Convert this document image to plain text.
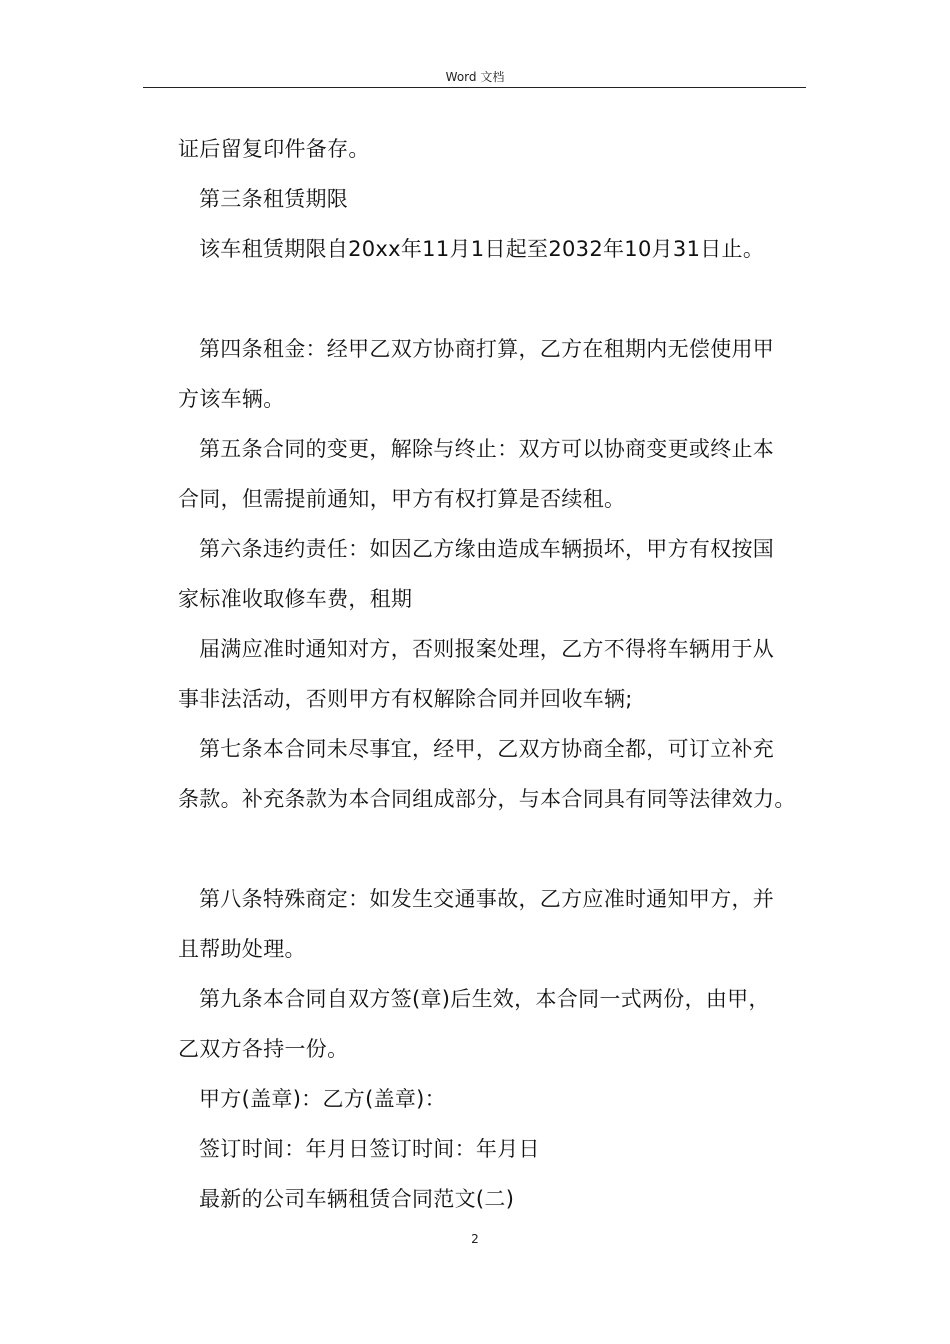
Word 文档
证后留复印件备存。
第三条租赁期限
该车租赁期限自20xx年11月1日起至2032年10月31日止。
第四条租金：经甲乙双方协商打算，乙方在租期内无偿使用甲
方该车辆。
第五条合同的变更，解除与终止：双方可以协商变更或终止本
合同，但需提前通知，甲方有权打算是否续租。
第六条违约责任：如因乙方缘由造成车辆损坏，甲方有权按国
家标准收取修车费，租期
届满应准时通知对方，否则报案处理，乙方不得将车辆用于从
事非法活动，否则甲方有权解除合同并回收车辆;
第七条本合同未尽事宜，经甲，乙双方协商全都，可订立补充
条款。补充条款为本合同组成部分，与本合同具有同等法律效力。
第八条特殊商定：如发生交通事故，乙方应准时通知甲方，并
且帮助处理。
第九条本合同自双方签(章)后生效，本合同一式两份，由甲，
乙双方各持一份。
甲方(盖章)：乙方(盖章)：
签订时间：年月日签订时间：年月日
最新的公司车辆租赁合同范文(二)
2
